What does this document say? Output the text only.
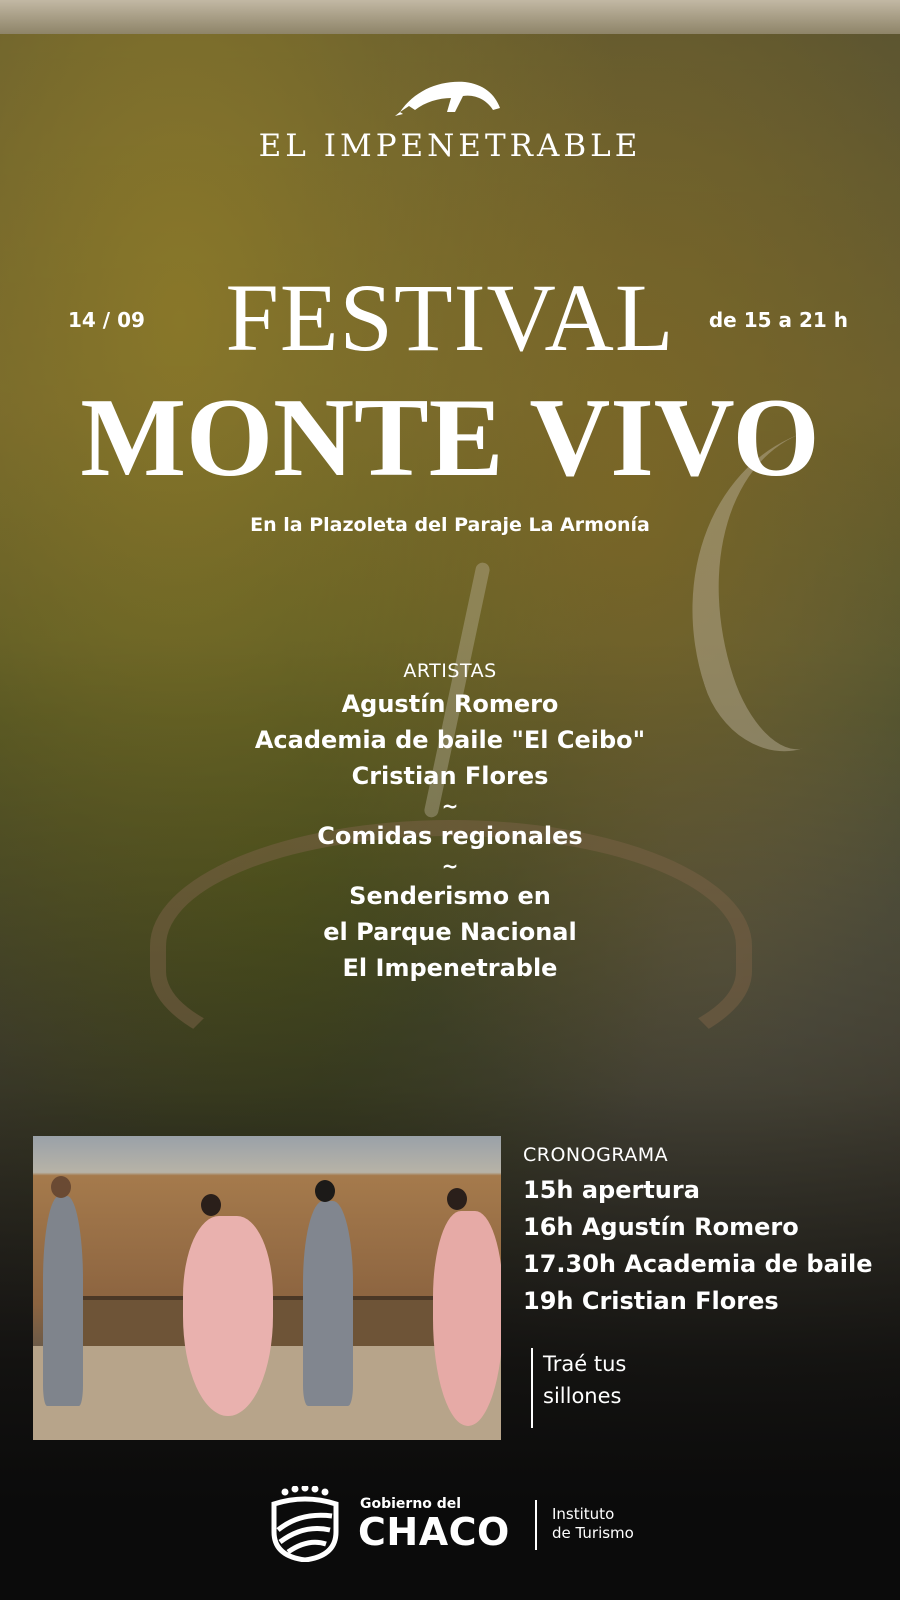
EL IMPENETRABLE
14 / 09 FESTIVAL	de 15 a 21 h
MONTE VIVO
En la Plazoleta del Paraje La Armonía
ARTISTAS
Agustín Romero
Academia de baile "El Ceibo"
Cristian Flores
~
Comidas regionales
~
Senderismo en
el Parque Nacional
El Impenetrable
CRONOGRAMA
15h apertura
16h Agustín Romero
17.30h Academia de baile
19h Cristian Flores
Traé tus
sillones
Gobierno del
CHACO	Instituto
de Turismo
